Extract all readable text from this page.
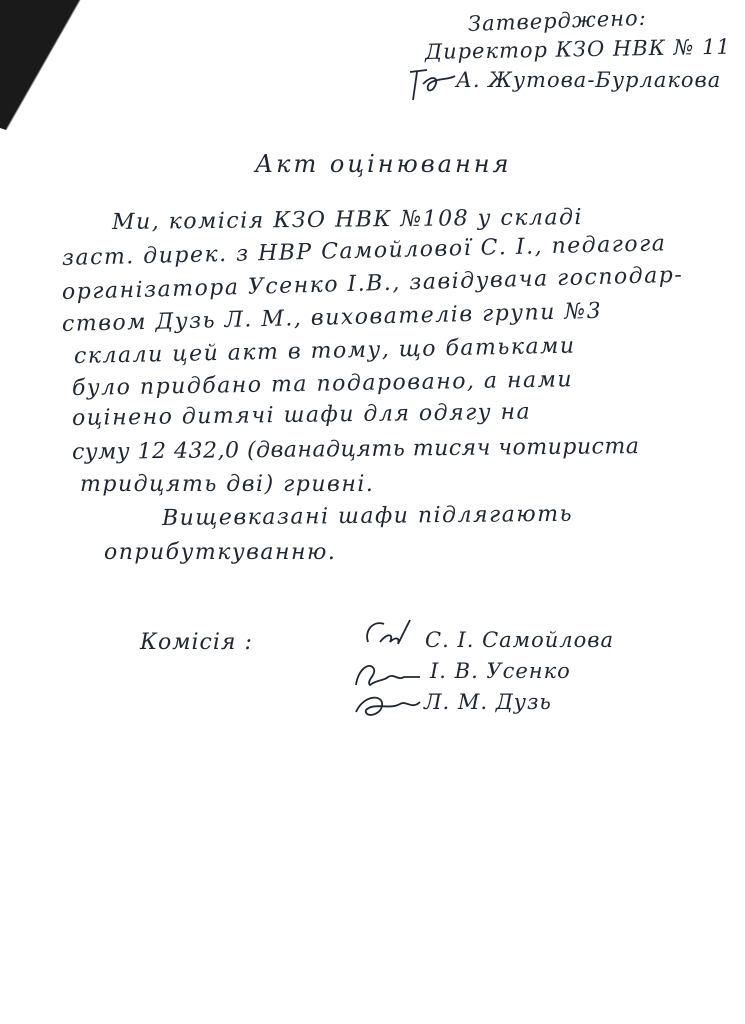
Затверджено:
Директор КЗО НВК № 11
А. Жутова-Бурлакова
Акт оцінювання
Ми, комісія КЗО НВК №108 у складі
заст. дирек. з НВР Самойлової С. І., педагога
організатора Усенко І.В., завідувача господар-
ством Дузь Л. М., вихователів групи №3
склали цей акт в тому, що батьками
було придбано та подаровано, а нами
оцінено дитячі шафи для одягу на
суму 12 432,0 (дванадцять тисяч чотириста
тридцять дві) гривні.
Вищевказані шафи підлягають
оприбуткуванню.
Комісія :	С. І. Самойлова
І. В. Усенко
Л. М. Дузь
